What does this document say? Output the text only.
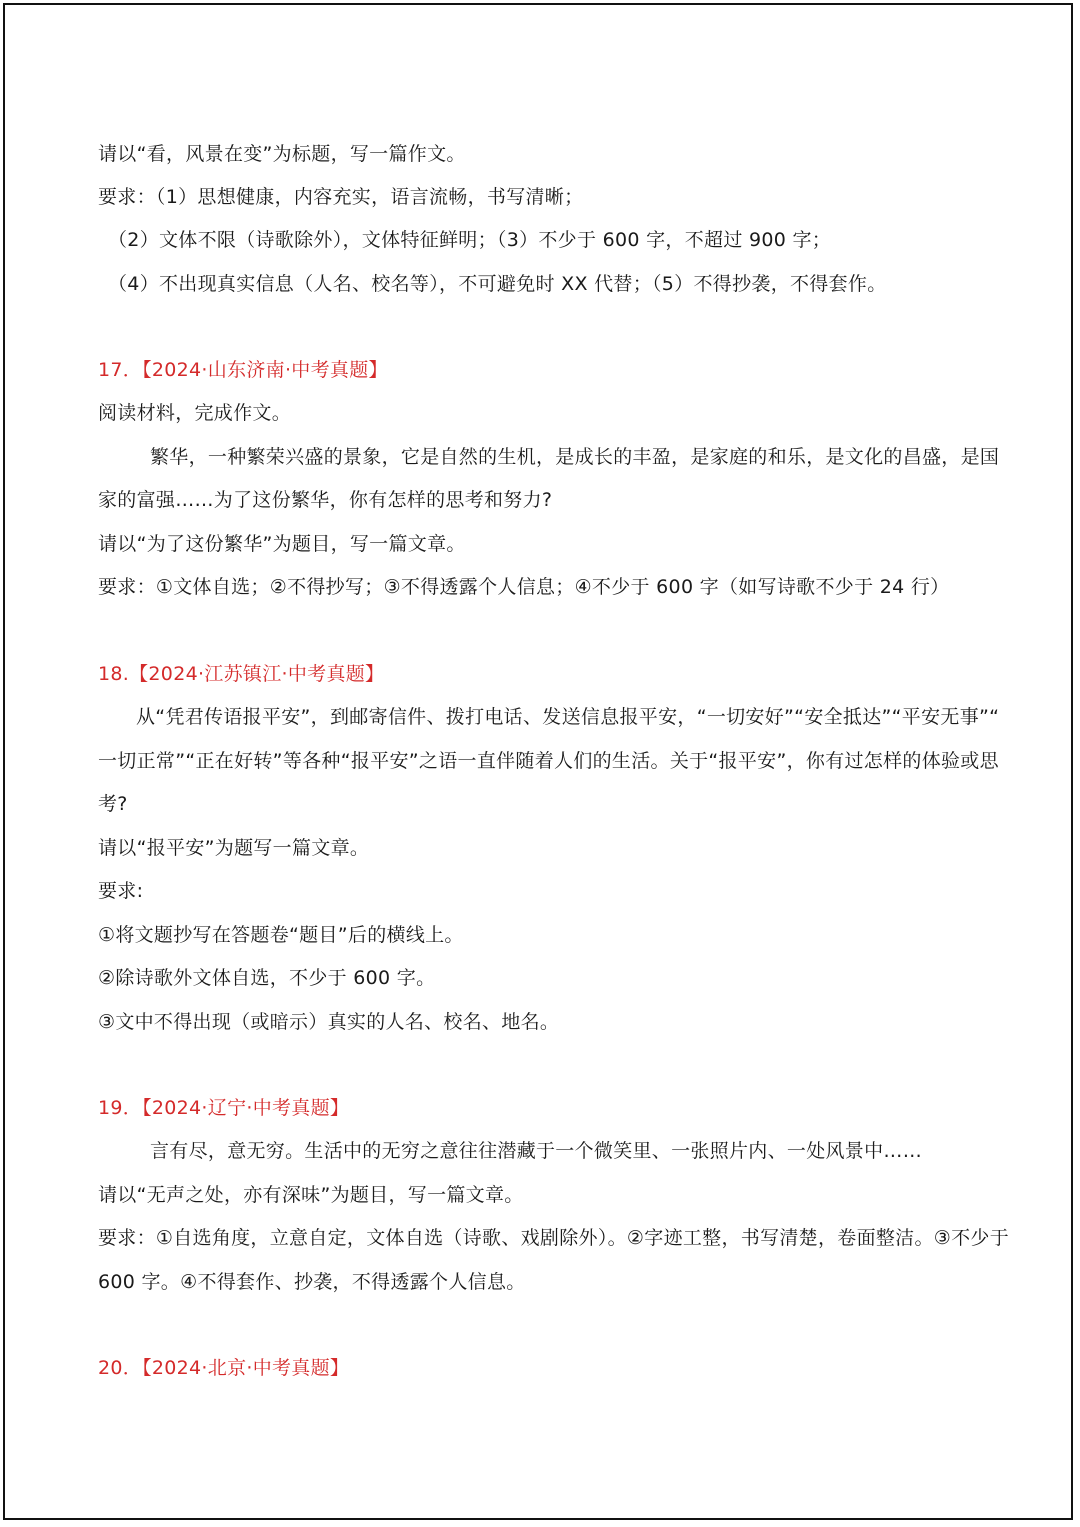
请以“看，风景在变”为标题，写一篇作文。
要求：（1）思想健康，内容充实，语言流畅，书写清晰；
（2）文体不限（诗歌除外），文体特征鲜明；（3）不少于 600 字，不超过 900 字；
（4）不出现真实信息（人名、校名等），不可避免时 XX 代替；（5）不得抄袭，不得套作。
17．【2024·山东济南·中考真题】
阅读材料，完成作文。
繁华，一种繁荣兴盛的景象，它是自然的生机，是成长的丰盈，是家庭的和乐，是文化的昌盛，是国
家的富强……为了这份繁华，你有怎样的思考和努力?
请以“为了这份繁华”为题目，写一篇文章。
要求：①文体自选；②不得抄写；③不得透露个人信息；④不少于 600 字（如写诗歌不少于 24 行）
18.【2024·江苏镇江·中考真题】
从“凭君传语报平安”，到邮寄信件、拨打电话、发送信息报平安，“一切安好”“安全抵达”“平安无事”“
一切正常”“正在好转”等各种“报平安”之语一直伴随着人们的生活。关于“报平安”，你有过怎样的体验或思
考?
请以“报平安”为题写一篇文章。
要求:
①将文题抄写在答题卷“题目”后的横线上。
②除诗歌外文体自选，不少于 600 字。
③文中不得出现（或暗示）真实的人名、校名、地名。
19．【2024·辽宁·中考真题】
言有尽，意无穷。生活中的无穷之意往往潜藏于一个微笑里、一张照片内、一处风景中……
请以“无声之处，亦有深味”为题目，写一篇文章。
要求：①自选角度，立意自定，文体自选（诗歌、戏剧除外）。②字迹工整，书写清楚，卷面整洁。③不少于
600 字。④不得套作、抄袭，不得透露个人信息。
20．【2024·北京·中考真题】
